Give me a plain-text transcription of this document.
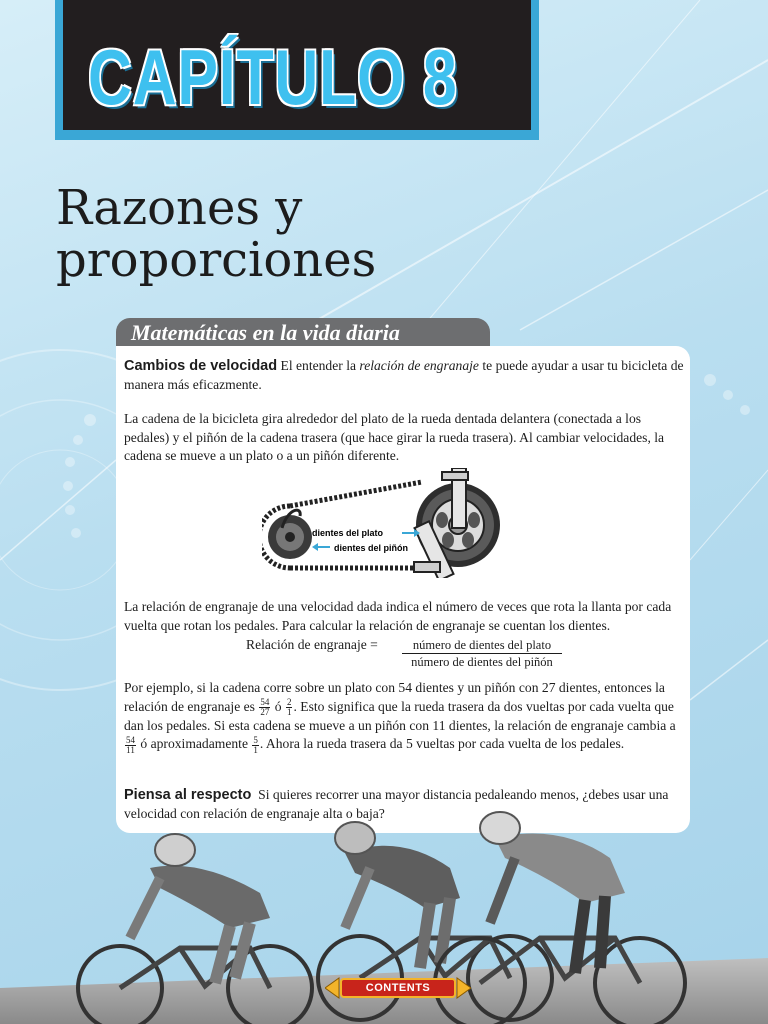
CAPÍTULO 8
Razones y
proporciones
Matemáticas en la vida diaria
Cambios de velocidad El entender la relación de engranaje te puede ayudar a usar tu bicicleta de manera más eficazmente.
La cadena de la bicicleta gira alrededor del plato de la rueda dentada delantera (conectada a los pedales) y el piñón de la cadena trasera (que hace girar la rueda trasera). Al cambiar velocidades, la cadena se mueve a un plato o a un piñón diferente.
dientes del plato
dientes del piñón
La relación de engranaje de una velocidad dada indica el número de veces que rota la llanta por cada vuelta que rotan los pedales. Para calcular la relación de engranaje se cuentan los dientes.
Relación de engranaje =	número de dientes del plato
número de dientes del piñón
Por ejemplo, si la cadena corre sobre un plato con 54 dientes y un piñón con 27 dientes, entonces la relación de engranaje es $\frac{54}{27}$ ó $\frac{2}{1}$ . Esto significa que la rueda trasera da dos vueltas por cada vuelta que dan los pedales. Si esta cadena se mueve a un piñón con 11 dientes, la relación de engranaje cambia a
$\frac{54}{11}$ ó aproximadamente $\frac{5}{1}$ . Ahora la rueda trasera da 5 vueltas por cada vuelta de los pedales.
Piensa al respecto Si quieres recorrer una mayor distancia pedaleando menos, ¿debes usar una velocidad con relación de engranaje alta o baja?
CONTENTS
